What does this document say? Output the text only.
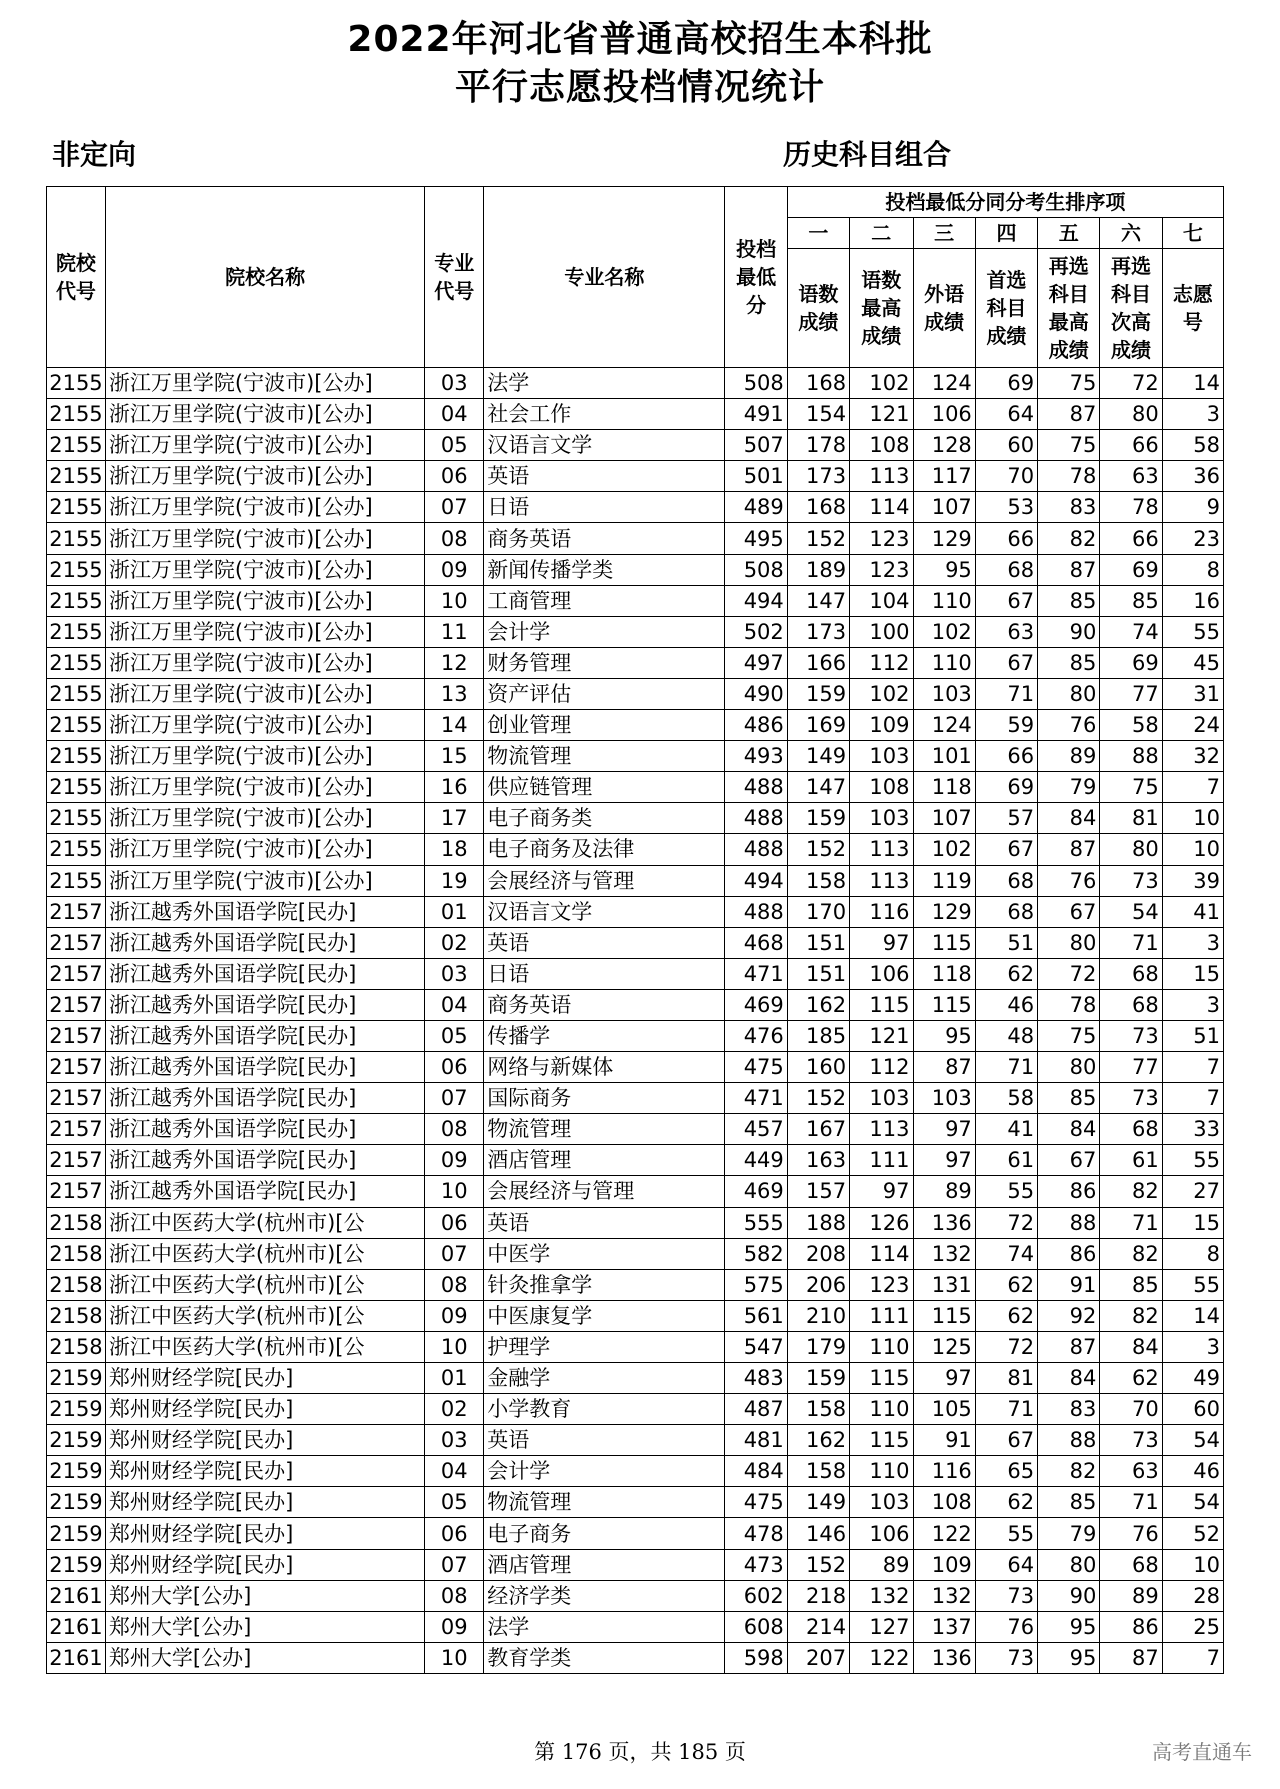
2022年河北省普通高校招生本科批
平行志愿投档情况统计
非定向	历史科目组合
院校代号	院校名称	专业代号	专业名称	投档最低分	投档最低分同分考生排序项						
					一	二	三	四	五	六	七
					语数成绩	语数最高成绩	外语成绩	首选科目成绩	再选科目最高成绩	再选科目次高成绩	志愿号
2155	浙江万里学院(宁波市)[公办]	03	法学	508	168	102	124	69	75	72	14
2155	浙江万里学院(宁波市)[公办]	04	社会工作	491	154	121	106	64	87	80	3
2155	浙江万里学院(宁波市)[公办]	05	汉语言文学	507	178	108	128	60	75	66	58
2155	浙江万里学院(宁波市)[公办]	06	英语	501	173	113	117	70	78	63	36
2155	浙江万里学院(宁波市)[公办]	07	日语	489	168	114	107	53	83	78	9
2155	浙江万里学院(宁波市)[公办]	08	商务英语	495	152	123	129	66	82	66	23
2155	浙江万里学院(宁波市)[公办]	09	新闻传播学类	508	189	123	95	68	87	69	8
2155	浙江万里学院(宁波市)[公办]	10	工商管理	494	147	104	110	67	85	85	16
2155	浙江万里学院(宁波市)[公办]	11	会计学	502	173	100	102	63	90	74	55
2155	浙江万里学院(宁波市)[公办]	12	财务管理	497	166	112	110	67	85	69	45
2155	浙江万里学院(宁波市)[公办]	13	资产评估	490	159	102	103	71	80	77	31
2155	浙江万里学院(宁波市)[公办]	14	创业管理	486	169	109	124	59	76	58	24
2155	浙江万里学院(宁波市)[公办]	15	物流管理	493	149	103	101	66	89	88	32
2155	浙江万里学院(宁波市)[公办]	16	供应链管理	488	147	108	118	69	79	75	7
2155	浙江万里学院(宁波市)[公办]	17	电子商务类	488	159	103	107	57	84	81	10
2155	浙江万里学院(宁波市)[公办]	18	电子商务及法律	488	152	113	102	67	87	80	10
2155	浙江万里学院(宁波市)[公办]	19	会展经济与管理	494	158	113	119	68	76	73	39
2157	浙江越秀外国语学院[民办]	01	汉语言文学	488	170	116	129	68	67	54	41
2157	浙江越秀外国语学院[民办]	02	英语	468	151	97	115	51	80	71	3
2157	浙江越秀外国语学院[民办]	03	日语	471	151	106	118	62	72	68	15
2157	浙江越秀外国语学院[民办]	04	商务英语	469	162	115	115	46	78	68	3
2157	浙江越秀外国语学院[民办]	05	传播学	476	185	121	95	48	75	73	51
2157	浙江越秀外国语学院[民办]	06	网络与新媒体	475	160	112	87	71	80	77	7
2157	浙江越秀外国语学院[民办]	07	国际商务	471	152	103	103	58	85	73	7
2157	浙江越秀外国语学院[民办]	08	物流管理	457	167	113	97	41	84	68	33
2157	浙江越秀外国语学院[民办]	09	酒店管理	449	163	111	97	61	67	61	55
2157	浙江越秀外国语学院[民办]	10	会展经济与管理	469	157	97	89	55	86	82	27
2158	浙江中医药大学(杭州市)[公	06	英语	555	188	126	136	72	88	71	15
2158	浙江中医药大学(杭州市)[公	07	中医学	582	208	114	132	74	86	82	8
2158	浙江中医药大学(杭州市)[公	08	针灸推拿学	575	206	123	131	62	91	85	55
2158	浙江中医药大学(杭州市)[公	09	中医康复学	561	210	111	115	62	92	82	14
2158	浙江中医药大学(杭州市)[公	10	护理学	547	179	110	125	72	87	84	3
2159	郑州财经学院[民办]	01	金融学	483	159	115	97	81	84	62	49
2159	郑州财经学院[民办]	02	小学教育	487	158	110	105	71	83	70	60
2159	郑州财经学院[民办]	03	英语	481	162	115	91	67	88	73	54
2159	郑州财经学院[民办]	04	会计学	484	158	110	116	65	82	63	46
2159	郑州财经学院[民办]	05	物流管理	475	149	103	108	62	85	71	54
2159	郑州财经学院[民办]	06	电子商务	478	146	106	122	55	79	76	52
2159	郑州财经学院[民办]	07	酒店管理	473	152	89	109	64	80	68	10
2161	郑州大学[公办]	08	经济学类	602	218	132	132	73	90	89	28
2161	郑州大学[公办]	09	法学	608	214	127	137	76	95	86	25
2161	郑州大学[公办]	10	教育学类	598	207	122	136	73	95	87	7
第 176 页，共 185 页	高考直通车
